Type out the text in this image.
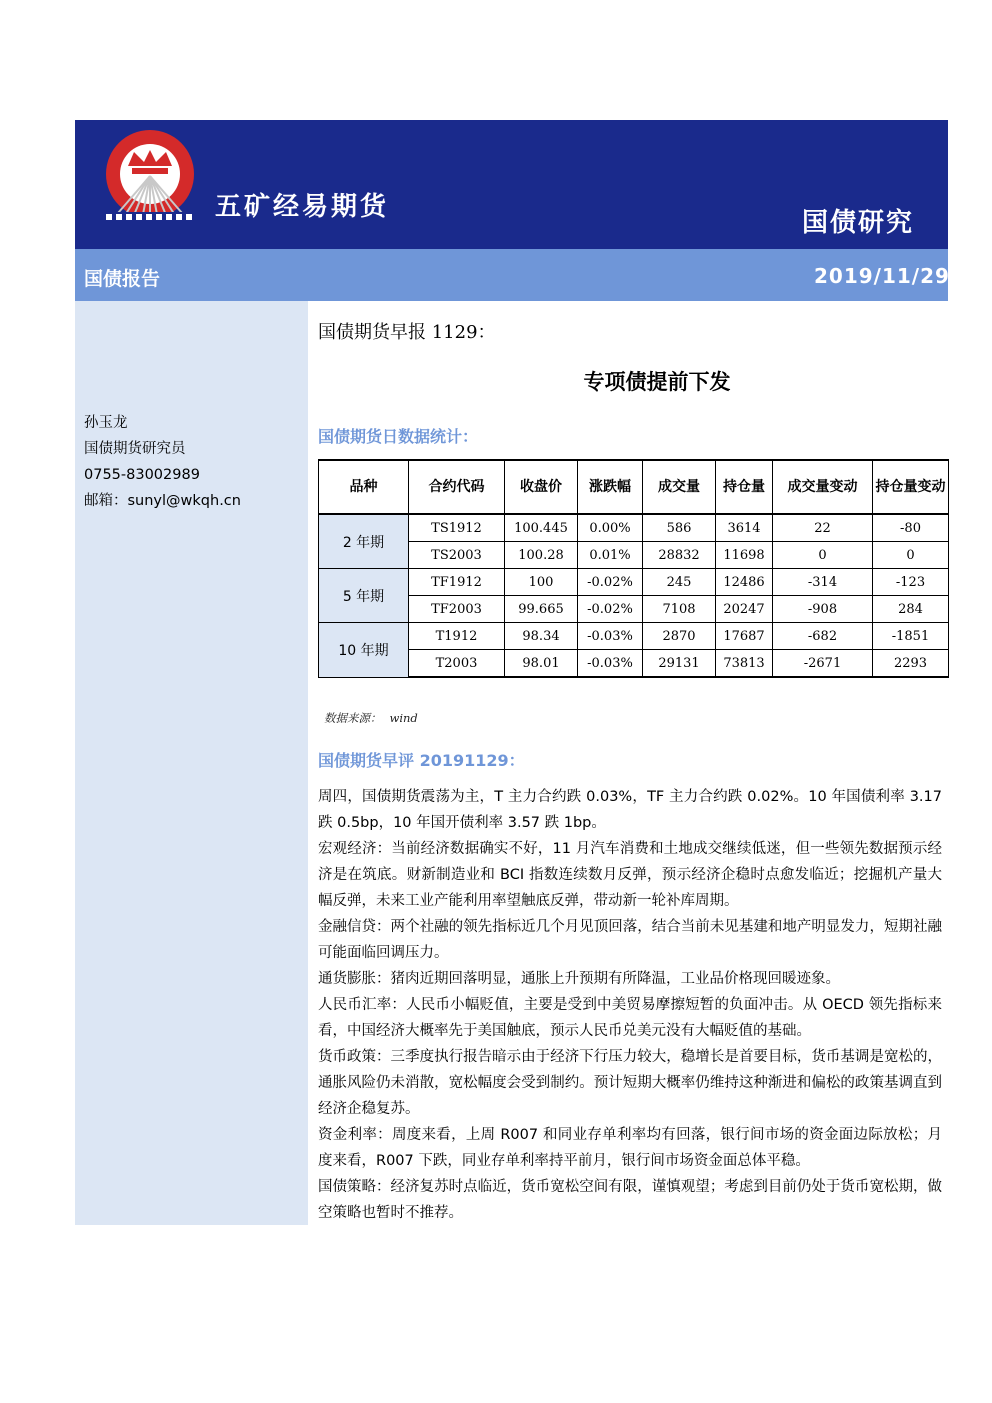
五矿经易期货
国债研究
国债报告	2019/11/29
孙玉龙
国债期货研究员
0755-83002989
邮箱：sunyl@wkqh.cn
国债期货早报 1129：
专项债提前下发
国债期货日数据统计：
品种	合约代码	收盘价	涨跌幅	成交量	持仓量	成交量变动	持仓量变动
2 年期	TS1912	100.445	0.00%	586	3614	22	-80
	TS2003	100.28	0.01%	28832	11698	0	0
5 年期	TF1912	100	-0.02%	245	12486	-314	-123
	TF2003	99.665	-0.02%	7108	20247	-908	284
10 年期	T1912	98.34	-0.03%	2870	17687	-682	-1851
	T2003	98.01	-0.03%	29131	73813	-2671	2293
数据来源： wind
国债期货早评 20191129：

周四，国债期货震荡为主，T 主力合约跌 0.03%，TF 主力合约跌 0.02%。10 年国债利率 3.17 跌 0.5bp，10 年国开债利率 3.57 跌 1bp。

宏观经济：当前经济数据确实不好，11 月汽车消费和土地成交继续低迷，但一些领先数据预示经济是在筑底。财新制造业和 BCI 指数连续数月反弹，预示经济企稳时点愈发临近；挖掘机产量大幅反弹，未来工业产能利用率望触底反弹，带动新一轮补库周期。

金融信贷：两个社融的领先指标近几个月见顶回落，结合当前未见基建和地产明显发力，短期社融可能面临回调压力。

通货膨胀：猪肉近期回落明显，通胀上升预期有所降温，工业品价格现回暖迹象。

人民币汇率：人民币小幅贬值，主要是受到中美贸易摩擦短暂的负面冲击。从 OECD 领先指标来看，中国经济大概率先于美国触底，预示人民币兑美元没有大幅贬值的基础。

货币政策：三季度执行报告暗示由于经济下行压力较大，稳增长是首要目标，货币基调是宽松的，通胀风险仍未消散，宽松幅度会受到制约。预计短期大概率仍维持这种渐进和偏松的政策基调直到经济企稳复苏。

资金利率：周度来看，上周 R007 和同业存单利率均有回落，银行间市场的资金面边际放松；月度来看，R007 下跌，同业存单利率持平前月，银行间市场资金面总体平稳。

国债策略：经济复苏时点临近，货币宽松空间有限，谨慎观望；考虑到目前仍处于货币宽松期，做空策略也暂时不推荐。
